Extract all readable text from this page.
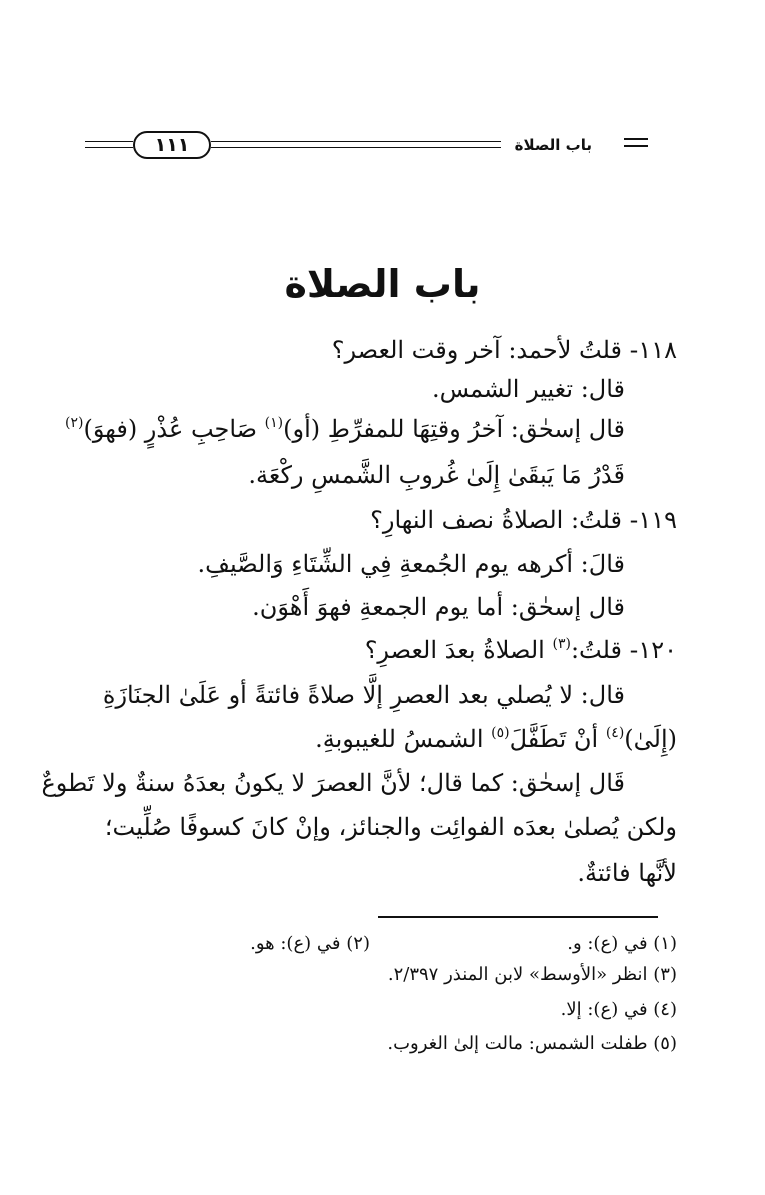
١١١	باب الصلاة
باب الصلاة
١١٨- قلتُ لأحمد: آخر وقت العصر؟
قال: تغيير الشمس.
قال إسحٰق: آخرُ وقتِهَا للمفرِّطِ (أو)$^{(١)}$ صَاحِبِ عُذْرٍ (فهوَ)$^{(٢)}$
قَدْرُ مَا يَبقَىٰ إِلَىٰ غُروبِ الشَّمسِ ركْعَة.
١١٩- قلتُ: الصلاةُ نصف النهارِ؟
قالَ: أكرهه يوم الجُمعةِ فِي الشِّتَاءِ وَالصَّيفِ.
قال إسحٰق: أما يوم الجمعةِ فهوَ أَهْوَن.
١٢٠- قلتُ:$^{(٣)}$ الصلاةُ بعدَ العصرِ؟
قال: لا يُصلي بعد العصرِ إلَّا صلاةً فائتةً أو عَلَىٰ الجنَازَةِ
(إِلَىٰ)$^{(٤)}$ أنْ تَطَفَّلَ$^{(٥)}$ الشمسُ للغيبوبةِ.
قَال إسحٰق: كما قال؛ لأنَّ العصرَ لا يكونُ بعدَهُ سنةٌ ولا تَطوعٌ
ولكن يُصلىٰ بعدَه الفوائِت والجنائز، وإنْ كانَ كسوفًا صُلِّيت؛
لأنَّها فائتةٌ.
(١) في (ع): و.
(٢) في (ع): هو.
(٣) انظر «الأوسط» لابن المنذر ٢/٣٩٧.
(٤) في (ع): إلا.
(٥) طفلت الشمس: مالت إلىٰ الغروب.
